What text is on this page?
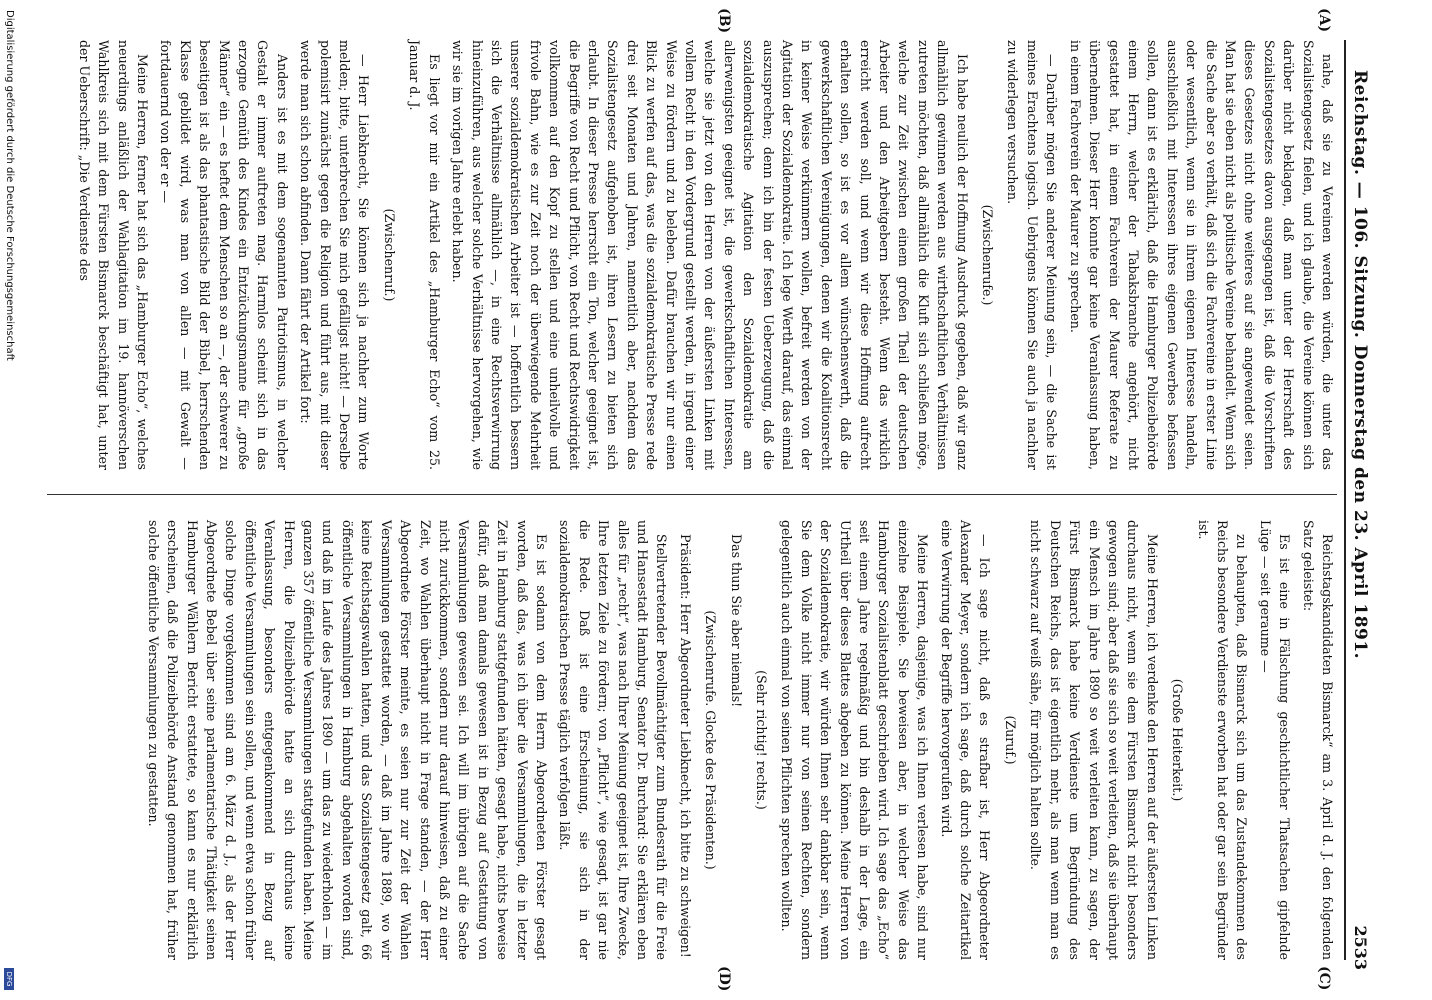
Reichstag. — 106. Sitzung. Donnerstag den 23. April 1891.
2533
(A)
(B)
(C)
(D)

nahe, daß sie zu Vereinen werden würden, die unter das Sozialistengesetz fielen, und ich glaube, die Vereine können sich darüber nicht beklagen, daß man unter der Herrschaft des Sozialistengesetzes davon ausgegangen ist, daß die Vorschriften dieses Gesetzes nicht ohne weiteres auf sie angewendet seien. Man hat sie eben nicht als politische Vereine behandelt. Wenn sich die Sache aber so verhält, daß sich die Fachvereine in erster Linie oder wesentlich, wenn sie in ihrem eigenen Interesse handeln, ausschließlich mit Interessen ihres eigenen Gewerbes befassen sollen, dann ist es erklärlich, daß die Hamburger Polizeibehörde einem Herrn, welcher der Tabaksbranche angehört, nicht gestattet hat, in einem Fachverein der Maurer Referate zu übernehmen. Dieser Herr konnte gar keine Veranlassung haben, in einem Fachverein der Maurer zu sprechen.

— Darüber mögen Sie anderer Meinung sein, — die Sache ist meines Erachtens logisch. Uebrigens können Sie auch ja nachher zu widerlegen versuchen.

(Zwischenrufe.)

Ich habe neulich der Hoffnung Ausdruck gegeben, daß wir ganz allmählich gewinnen werden aus wirthschaftlichen Verhältnissen zutreten möchten, daß allmählich die Kluft sich schließen möge, welche zur Zeit zwischen einem großen Theil der deutschen Arbeiter und den Arbeitgebern besteht. Wenn das wirklich erreicht werden soll, und wenn wir diese Hoffnung aufrecht erhalten sollen, so ist es vor allem wünschenswerth, daß die gewerkschaftlichen Vereinigungen, denen wir die Koalitionsrecht in keiner Weise verkümmern wollen, befreit werden von der Agitation der Sozialdemokratie. Ich lege Werth darauf, das einmal auszusprechen; denn ich bin der festen Ueberzeugung, daß die sozialdemokratische Agitation den Sozialdemokratie am allerwenigsten geeignet ist, die gewerkschaftlichen Interessen, welche sie jetzt von den Herren von der äußersten Linken mit vollem Recht in den Vordergrund gestellt werden, in irgend einer Weise zu fördern und zu beleben. Dafür brauchen wir nur einen Blick zu werfen auf das, was die sozialdemokratische Presse rede drei seit Monaten und Jahren, namentlich aber, nachdem das Sozialistengesetz aufgehoben ist, ihren Lesern zu bieten sich erlaubt. In dieser Presse herrscht ein Ton, welcher geeignet ist, die Begriffe von Recht und Pflicht, von Recht und Rechtswidrigkeit vollkommen auf den Kopf zu stellen und eine unheilvolle und frivole Bahn, wie es zur Zeit noch der überwiegende Mehrheit unserer sozialdemokratischen Arbeiter ist — hoffentlich bessern sich die Verhältnisse allmählich —, in eine Rechtsverwirrung hineinzuführen, aus welcher solche Verhältnisse hervorgehen, wie wir sie im vorigen Jahre erlebt haben.

Es liegt vor mir ein Artikel des „Hamburger Echo“ vom 25. Januar d. J.

(Zwischenruf.)

— Herr Liebknecht, Sie können sich ja nachher zum Worte melden; bitte, unterbrechen Sie mich gefälligst nicht! — Derselbe polemisirt zunächst gegen die Religion und führt aus, mit dieser werde man sich schon abfinden. Dann fährt der Artikel fort:

Anders ist es mit dem sogenannten Patriotismus, in welcher Gestalt er immer auftreten mag. Harmlos scheint sich in das erzogne Gemüth des Kindes ein Entzückungsmanne für „große Männer“ ein — es heftet dem Menschen so an —, der schwerer zu beseitigen ist als das phantastische Bild der Bibel, herrschenden Klasse gebildet wird, was man von allen — mit Gewalt — fortdauernd von der er —

Meine Herren, ferner hat sich das „Hamburger Echo“, welches neuerdings anläßlich der Wahlagitation im 19. hannöverschen Wahlkreis sich mit dem Fürsten Bismarck beschäftigt hat, unter der Ueberschrift: „Die Verdienste des

Reichstagskandidaten Bismarck“ am 3. April d. J. den folgenden Satz geleistet:

Es ist eine in Fälschung geschichtlicher Thatsachen gipfelnde Lüge — seit geraume —

zu behaupten, daß Bismarck sich um das Zustandekommen des Reichs besondere Verdienste erworben hat oder gar sein Begründer ist.

(Große Heiterkeit.)

Meine Herren, ich verdenke den Herren auf der äußersten Linken durchaus nicht, wenn sie dem Fürsten Bismarck nicht besonders gewogen sind; aber daß sie sich so weit verleiten, daß sie überhaupt ein Mensch im Jahre 1890 so weit verleiten kann, zu sagen, der Fürst Bismarck habe keine Verdienste um Begründung des Deutschen Reichs, das ist eigentlich mehr, als man wenn man es nicht schwarz auf weiß sähe, für möglich halten sollte.

(Zuruf.)

— Ich sage nicht, daß es strafbar ist, Herr Abgeordneter Alexander Meyer, sondern ich sage, daß durch solche Zeitartikel eine Verwirrung der Begriffe hervorgerufen wird.

Meine Herren, dasjenige, was ich Ihnen verlesen habe, sind nur einzelne Beispiele. Sie beweisen aber, in welcher Weise das Hamburger Sozialistenblatt geschrieben wird. Ich sage das „Echo“ seit einem Jahre regelmäßig und bin deshalb in der Lage, ein Urtheil über dieses Blattes abgeben zu können. Meine Herren von der Sozialdemokratie, wir würden Ihnen sehr dankbar sein, wenn Sie dem Volke nicht immer nur von seinen Rechten, sondern gelegentlich auch einmal von seinen Pflichten sprechen wollten.

(Sehr richtig! rechts.)

Das thun Sie aber niemals!

(Zwischenrufe. Glocke des Präsidenten.)

Präsident: Herr Abgeordneter Liebknecht, ich bitte zu schweigen!

Stellvertretender Bevollmächtigter zum Bundesrath für die Freie und Hansestadt Hamburg, Senator Dr. Burchard: Sie erklären eben alles für „recht“, was nach Ihrer Meinung geeignet ist, Ihre Zwecke, Ihre letzten Ziele zu fördern; von „Pflicht“, wie gesagt, ist gar nie die Rede. Daß ist eine Erscheinung, sie sich in der sozialdemokratischen Presse täglich verfolgen läßt.

Es ist sodann von dem Herrn Abgeordneten Förster gesagt worden, daß das, was ich über die Versammlungen, die in letzter Zeit in Hamburg stattgefunden hätten, gesagt habe, nichts beweise dafür, daß man damals gewesen ist in Bezug auf Gestattung von Versammlungen gewesen sei. Ich will im übrigen auf die Sache nicht zurückkommen, sondern nur darauf hinweisen, daß zu einer Zeit, wo Wahlen überhaupt nicht in Frage standen, — der Herr Abgeordnete Förster meinte, es seien nur zur Zeit der Wahlen Versammlungen gestattet worden, — daß im Jahre 1889, wo wir keine Reichstagswahlen hatten, und das Sozialistengesetz galt, 66 öffentliche Versammlungen in Hamburg abgehalten worden sind, und daß im Laufe des Jahres 1890 — um das zu wiederholen — im ganzen 357 öffentliche Versammlungen stattgefunden haben. Meine Herren, die Polizeibehörde hatte an sich durchaus keine Veranlassung, besonders entgegenkommend in Bezug auf öffentliche Versammlungen sein sollen, und wenn etwa schon früher solche Dinge vorgekommen sind am 6. März d. J., als der Herr Abgeordnete Bebel über seine parlamentarische Thätigkeit seinen Hamburger Wählern Bericht erstattete, so kann es nur erklärlich erscheinen, daß die Polizeibehörde Anstand genommen hat, früher solche öffentliche Versammlungen zu gestatten.

Digitalisierung gefördert durch die Deutsche Forschungsgemeinschaft
DFG
